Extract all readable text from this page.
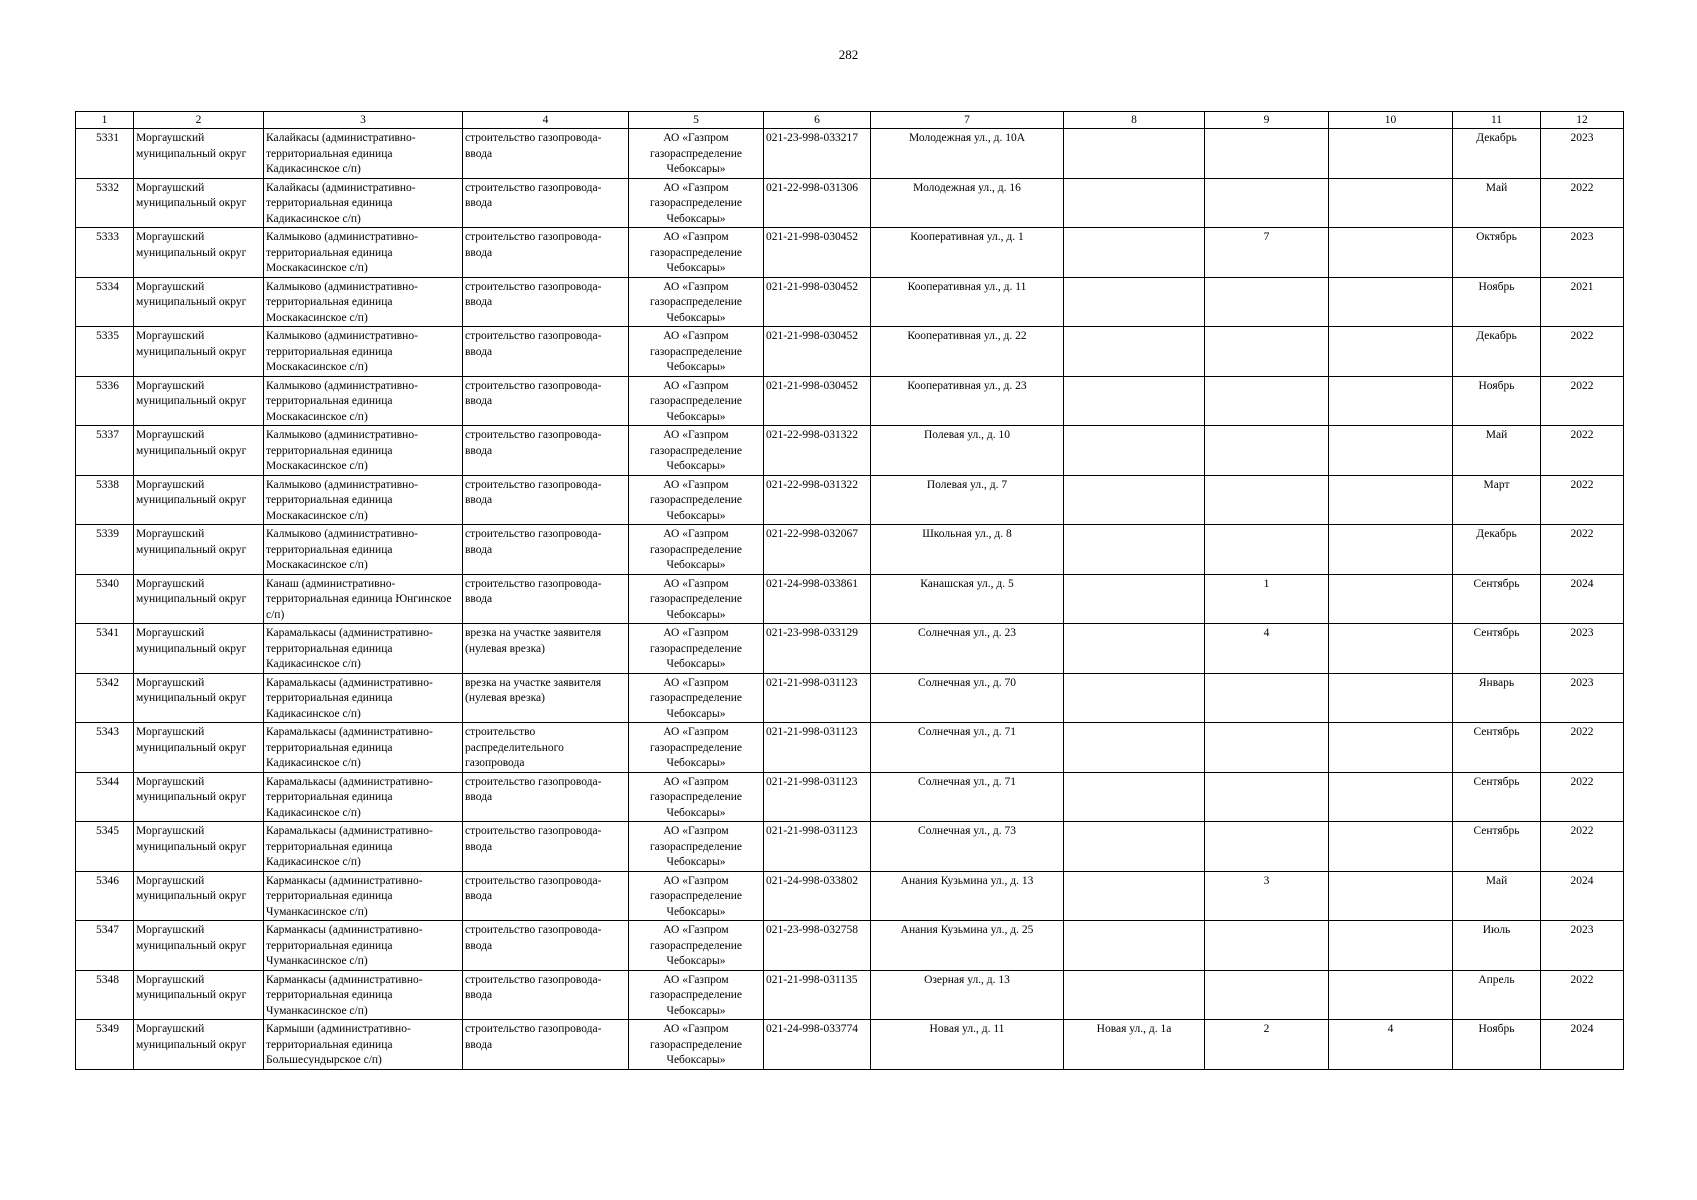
282
1	2	3	4	5	6	7	8	9	10	11	12
5331	Моргаушский муниципальный округ	Калайкасы (административно-территориальная единица Кадикасинское с/п)	строительство газопровода-ввода	АО «Газпром газораспределение Чебоксары»	021-23-998-033217	Молодежная ул., д. 10А				Декабрь	2023
5332	Моргаушский муниципальный округ	Калайкасы (административно-территориальная единица Кадикасинское с/п)	строительство газопровода-ввода	АО «Газпром газораспределение Чебоксары»	021-22-998-031306	Молодежная ул., д. 16				Май	2022
5333	Моргаушский муниципальный округ	Калмыково (административно-территориальная единица Москакасинское с/п)	строительство газопровода-ввода	АО «Газпром газораспределение Чебоксары»	021-21-998-030452	Кооперативная ул., д. 1		7		Октябрь	2023
5334	Моргаушский муниципальный округ	Калмыково (административно-территориальная единица Москакасинское с/п)	строительство газопровода-ввода	АО «Газпром газораспределение Чебоксары»	021-21-998-030452	Кооперативная ул., д. 11				Ноябрь	2021
5335	Моргаушский муниципальный округ	Калмыково (административно-территориальная единица Москакасинское с/п)	строительство газопровода-ввода	АО «Газпром газораспределение Чебоксары»	021-21-998-030452	Кооперативная ул., д. 22				Декабрь	2022
5336	Моргаушский муниципальный округ	Калмыково (административно-территориальная единица Москакасинское с/п)	строительство газопровода-ввода	АО «Газпром газораспределение Чебоксары»	021-21-998-030452	Кооперативная ул., д. 23				Ноябрь	2022
5337	Моргаушский муниципальный округ	Калмыково (административно-территориальная единица Москакасинское с/п)	строительство газопровода-ввода	АО «Газпром газораспределение Чебоксары»	021-22-998-031322	Полевая ул., д. 10				Май	2022
5338	Моргаушский муниципальный округ	Калмыково (административно-территориальная единица Москакасинское с/п)	строительство газопровода-ввода	АО «Газпром газораспределение Чебоксары»	021-22-998-031322	Полевая ул., д. 7				Март	2022
5339	Моргаушский муниципальный округ	Калмыково (административно-территориальная единица Москакасинское с/п)	строительство газопровода-ввода	АО «Газпром газораспределение Чебоксары»	021-22-998-032067	Школьная ул., д. 8				Декабрь	2022
5340	Моргаушский муниципальный округ	Канаш (административно-территориальная единица Юнгинское с/п)	строительство газопровода-ввода	АО «Газпром газораспределение Чебоксары»	021-24-998-033861	Канашская ул., д. 5		1		Сентябрь	2024
5341	Моргаушский муниципальный округ	Карамалькасы (административно-территориальная единица Кадикасинское с/п)	врезка на участке заявителя (нулевая врезка)	АО «Газпром газораспределение Чебоксары»	021-23-998-033129	Солнечная ул., д. 23		4		Сентябрь	2023
5342	Моргаушский муниципальный округ	Карамалькасы (административно-территориальная единица Кадикасинское с/п)	врезка на участке заявителя (нулевая врезка)	АО «Газпром газораспределение Чебоксары»	021-21-998-031123	Солнечная ул., д. 70				Январь	2023
5343	Моргаушский муниципальный округ	Карамалькасы (административно-территориальная единица Кадикасинское с/п)	строительство распределительного газопровода	АО «Газпром газораспределение Чебоксары»	021-21-998-031123	Солнечная ул., д. 71				Сентябрь	2022
5344	Моргаушский муниципальный округ	Карамалькасы (административно-территориальная единица Кадикасинское с/п)	строительство газопровода-ввода	АО «Газпром газораспределение Чебоксары»	021-21-998-031123	Солнечная ул., д. 71				Сентябрь	2022
5345	Моргаушский муниципальный округ	Карамалькасы (административно-территориальная единица Кадикасинское с/п)	строительство газопровода-ввода	АО «Газпром газораспределение Чебоксары»	021-21-998-031123	Солнечная ул., д. 73				Сентябрь	2022
5346	Моргаушский муниципальный округ	Карманкасы (административно-территориальная единица Чуманкасинское с/п)	строительство газопровода-ввода	АО «Газпром газораспределение Чебоксары»	021-24-998-033802	Анания Кузьмина ул., д. 13		3		Май	2024
5347	Моргаушский муниципальный округ	Карманкасы (административно-территориальная единица Чуманкасинское с/п)	строительство газопровода-ввода	АО «Газпром газораспределение Чебоксары»	021-23-998-032758	Анания Кузьмина ул., д. 25				Июль	2023
5348	Моргаушский муниципальный округ	Карманкасы (административно-территориальная единица Чуманкасинское с/п)	строительство газопровода-ввода	АО «Газпром газораспределение Чебоксары»	021-21-998-031135	Озерная ул., д. 13				Апрель	2022
5349	Моргаушский муниципальный округ	Кармыши (административно-территориальная единица Большесундырское с/п)	строительство газопровода-ввода	АО «Газпром газораспределение Чебоксары»	021-24-998-033774	Новая ул., д. 11	Новая ул., д. 1а	2	4	Ноябрь	2024
